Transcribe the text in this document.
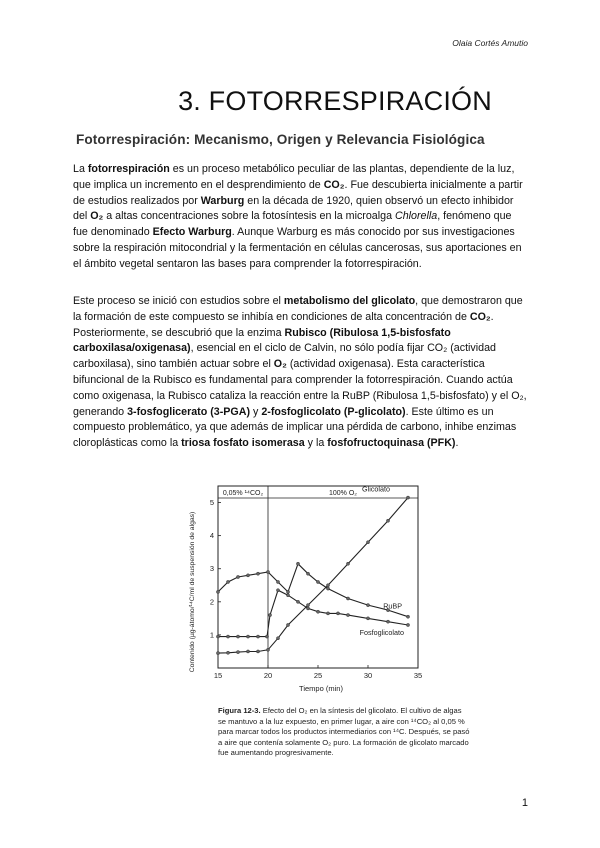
Olaia Cortés Amutio
3. FOTORRESPIRACIÓN
Fotorrespiración: Mecanismo, Origen y Relevancia Fisiológica

La fotorrespiración es un proceso metabólico peculiar de las plantas, dependiente de la luz, que implica un incremento en el desprendimiento de CO₂. Fue descubierta inicialmente a partir de estudios realizados por Warburg en la década de 1920, quien observó un efecto inhibidor del O₂ a altas concentraciones sobre la fotosíntesis en la microalga Chlorella, fenómeno que fue denominado Efecto Warburg. Aunque Warburg es más conocido por sus investigaciones sobre la respiración mitocondrial y la fermentación en células cancerosas, sus aportaciones en el ámbito vegetal sentaron las bases para comprender la fotorrespiración.

Este proceso se inició con estudios sobre el metabolismo del glicolato, que demostraron que la formación de este compuesto se inhibía en condiciones de alta concentración de CO₂. Posteriormente, se descubrió que la enzima Rubisco (Ribulosa 1,5-bisfosfato carboxilasa/oxigenasa), esencial en el ciclo de Calvin, no sólo podía fijar CO₂ (actividad carboxilasa), sino también actuar sobre el O₂ (actividad oxigenasa). Esta característica bifuncional de la Rubisco es fundamental para comprender la fotorrespiración. Cuando actúa como oxigenasa, la Rubisco cataliza la reacción entre la RuBP (Ribulosa 1,5-bisfosfato) y el O₂, generando 3-fosfoglicerato (3-PGA) y 2-fosfoglicolato (P-glicolato). Este último es un compuesto problemático, ya que además de implicar una pérdida de carbono, inhibe enzimas cloroplásticas como la triosa fosfato isomerasa y la fosfofructoquinasa (PFK).

0,05% ¹⁴CO₂	100% O₂
15	20	25	30	35
1
2
3
4
5
Glicolato
RuBP
Fosfoglicolato
Tiempo (min)
Contenido (µg-átomo/¹⁴C/ml de suspensión de algas)

Figura 12-3. Efecto del O₂ en la síntesis del glicolato. El cultivo de algas se mantuvo a la luz expuesto, en primer lugar, a aire con ¹⁴CO₂ al 0,05 % para marcar todos los productos intermediarios con ¹⁴C. Después, se pasó a aire que contenía solamente O₂ puro. La formación de glicolato marcado fue aumentando progresivamente.

1
